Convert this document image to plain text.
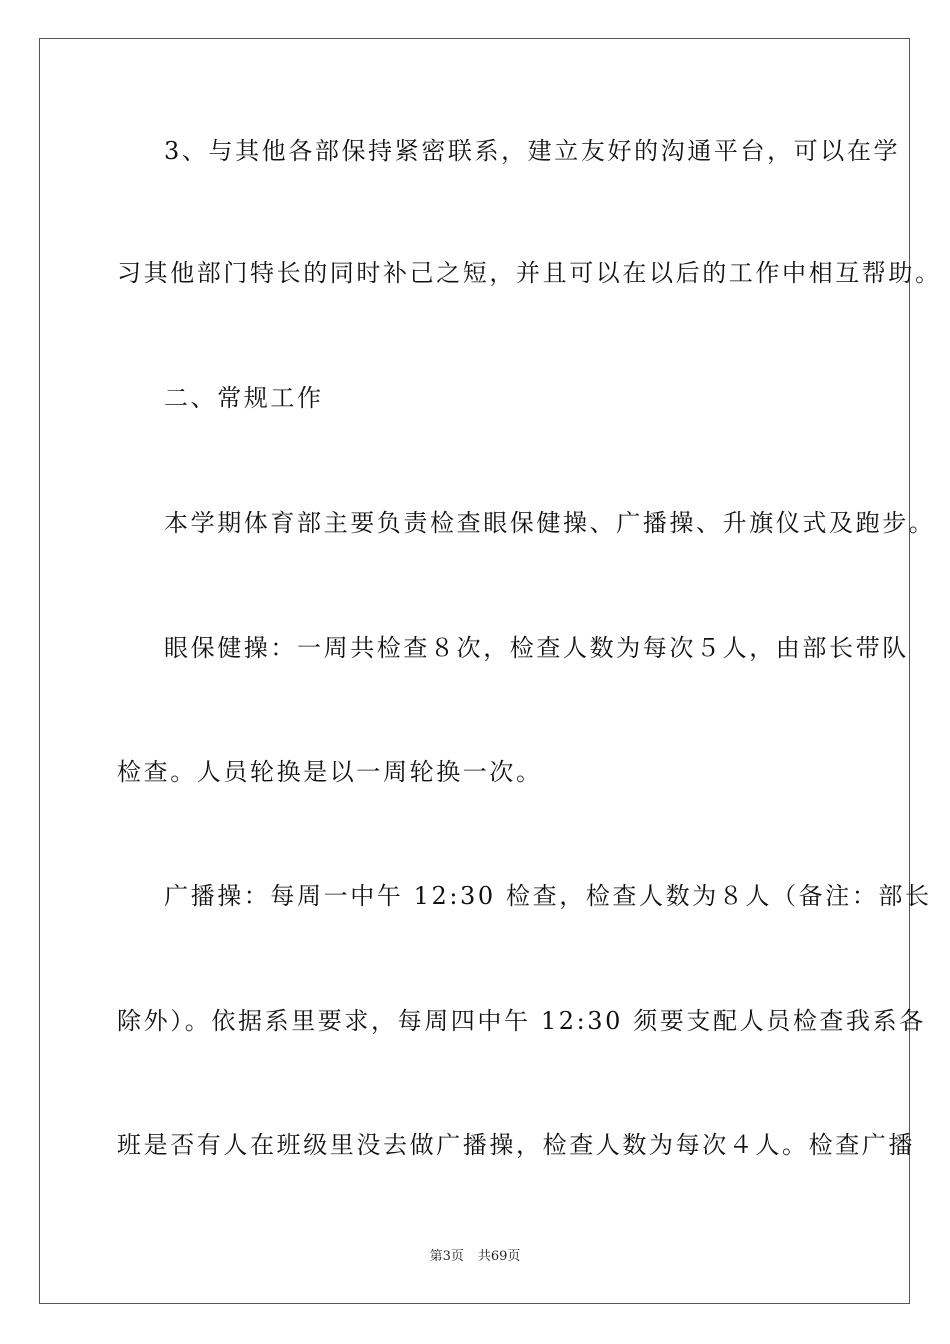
3、与其他各部保持紧密联系，建立友好的沟通平台，可以在学
习其他部门特长的同时补己之短，并且可以在以后的工作中相互帮助。
二、常规工作
本学期体育部主要负责检查眼保健操、广播操、升旗仪式及跑步。
眼保健操：一周共检查８次，检查人数为每次５人，由部长带队
检查。人员轮换是以一周轮换一次。
广播操：每周一中午 12:30 检查，检查人数为８人（备注：部长
除外）。依据系里要求，每周四中午 12:30 须要支配人员检查我系各
班是否有人在班级里没去做广播操，检查人数为每次４人。检查广播
第3页 共69页
